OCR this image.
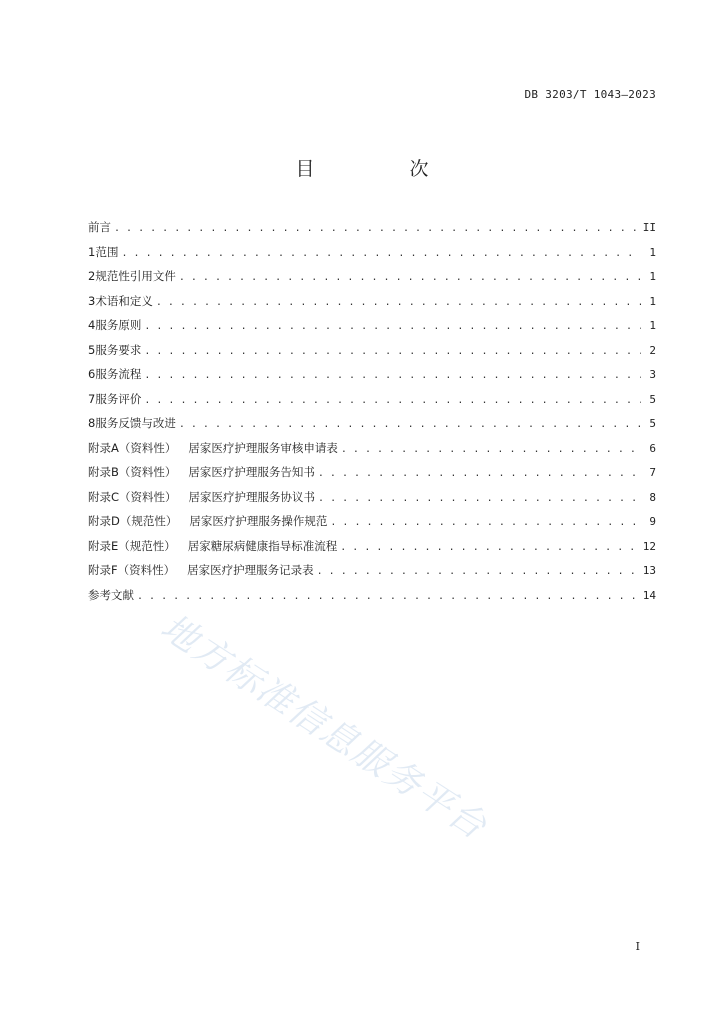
DB 3203/T 1043—2023
目　次
前言 . . .	II
1 范围 . . .	1
2 规范性引用文件 . . .	1
3 术语和定义 . . .	1
4 服务原则 . . .	1
5 服务要求 . . .	2
6 服务流程 . . .	3
7 服务评价 . . .	5
8 服务反馈与改进 . . .	5
附录A（资料性） 居家医疗护理服务审核申请表 . . .	6
附录B（资料性） 居家医疗护理服务告知书 . . .	7
附录C（资料性） 居家医疗护理服务协议书 . . .	8
附录D（规范性） 居家医疗护理服务操作规范 . . .	9
附录E（规范性） 居家糖尿病健康指导标准流程 . . .	12
附录F（资料性） 居家医疗护理服务记录表 . . .	13
参考文献 . . .	14
地方标准信息服务平台
I
